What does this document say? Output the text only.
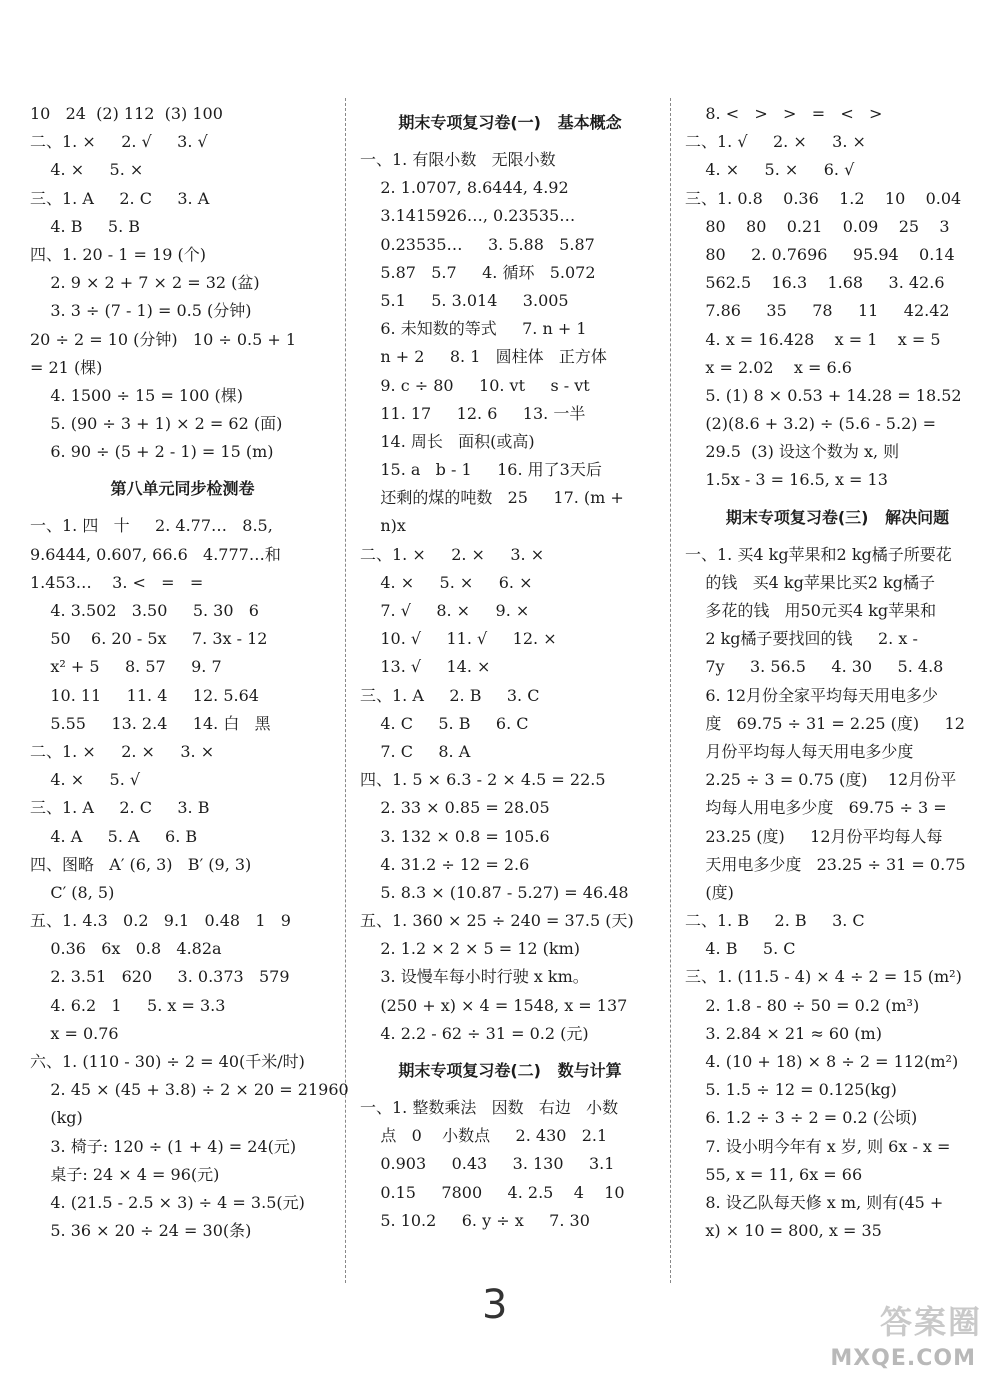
10   24  (2) 112  (3) 100
二、1. ×     2. √     3. √
4. ×     5. ×
三、1. A     2. C     3. A
4. B     5. B
四、1. 20 - 1 = 19 (个)
2. 9 × 2 + 7 × 2 = 32 (盆)
3. 3 ÷ (7 - 1) = 0.5 (分钟)
20 ÷ 2 = 10 (分钟)   10 ÷ 0.5 + 1
= 21 (棵)
4. 1500 ÷ 15 = 100 (棵)
5. (90 ÷ 3 + 1) × 2 = 62 (面)
6. 90 ÷ (5 + 2 - 1) = 15 (m)
第八单元同步检测卷
一、1. 四   十     2. 4.77…   8.5,
9.6444, 0.607, 66.6   4.777…和
1.453…    3. <   =   =
4. 3.502   3.50     5. 30   6
50    6. 20 - 5x     7. 3x - 12
x² + 5     8. 57     9. 7
10. 11     11. 4     12. 5.64
5.55     13. 2.4     14. 白   黑
二、1. ×     2. ×     3. ×
4. ×     5. √
三、1. A     2. C     3. B
4. A     5. A     6. B
四、图略   A′ (6, 3)   B′ (9, 3)
C′ (8, 5)
五、1. 4.3   0.2   9.1   0.48   1   9
0.36   6x   0.8   4.82a
2. 3.51   620     3. 0.373   579
4. 6.2   1     5. x = 3.3
x = 0.76
六、1. (110 - 30) ÷ 2 = 40(千米/时)
2. 45 × (45 + 3.8) ÷ 2 × 20 = 21960
(kg)
3. 椅子: 120 ÷ (1 + 4) = 24(元)
桌子: 24 × 4 = 96(元)
4. (21.5 - 2.5 × 3) ÷ 4 = 3.5(元)
5. 36 × 20 ÷ 24 = 30(条)
期末专项复习卷(一)   基本概念
一、1. 有限小数   无限小数
2. 1.0707, 8.6444, 4.92
3.1415926…, 0.23535…
0.23535…     3. 5.88   5.87
5.87   5.7     4. 循环   5.072
5.1     5. 3.014     3.005
6. 未知数的等式     7. n + 1
n + 2     8. 1   圆柱体   正方体
9. c ÷ 80     10. vt     s - vt
11. 17     12. 6     13. 一半
14. 周长   面积(或高)
15. a   b - 1     16. 用了3天后
还剩的煤的吨数   25     17. (m +
n)x
二、1. ×     2. ×     3. ×
4. ×     5. ×     6. ×
7. √     8. ×     9. ×
10. √     11. √     12. ×
13. √     14. ×
三、1. A     2. B     3. C
4. C     5. B     6. C
7. C     8. A
四、1. 5 × 6.3 - 2 × 4.5 = 22.5
2. 33 × 0.85 = 28.05
3. 132 × 0.8 = 105.6
4. 31.2 ÷ 12 = 2.6
5. 8.3 × (10.87 - 5.27) = 46.48
五、1. 360 × 25 ÷ 240 = 37.5 (天)
2. 1.2 × 2 × 5 = 12 (km)
3. 设慢车每小时行驶 x km。
(250 + x) × 4 = 1548, x = 137
4. 2.2 - 62 ÷ 31 = 0.2 (元)
期末专项复习卷(二)   数与计算
一、1. 整数乘法   因数   右边   小数
点   0    小数点     2. 430   2.1
0.903     0.43     3. 130     3.1
0.15     7800     4. 2.5    4    10
5. 10.2     6. y ÷ x     7. 30
8. <   >   >   =   <   >
二、1. √     2. ×     3. ×
4. ×     5. ×     6. √
三、1. 0.8    0.36    1.2    10    0.04
80    80    0.21    0.09    25    3
80     2. 0.7696     95.94    0.14
562.5    16.3    1.68     3. 42.6
7.86     35     78     11     42.42
4. x = 16.428    x = 1    x = 5
x = 2.02    x = 6.6
5. (1) 8 × 0.53 + 14.28 = 18.52
(2)(8.6 + 3.2) ÷ (5.6 - 5.2) =
29.5  (3) 设这个数为 x, 则
1.5x - 3 = 16.5, x = 13
期末专项复习卷(三)   解决问题
一、1. 买4 kg苹果和2 kg橘子所要花
的钱   买4 kg苹果比买2 kg橘子
多花的钱   用50元买4 kg苹果和
2 kg橘子要找回的钱     2. x -
7y     3. 56.5     4. 30     5. 4.8
6. 12月份全家平均每天用电多少
度   69.75 ÷ 31 = 2.25 (度)     12
月份平均每人每天用电多少度
2.25 ÷ 3 = 0.75 (度)    12月份平
均每人用电多少度   69.75 ÷ 3 =
23.25 (度)     12月份平均每人每
天用电多少度   23.25 ÷ 31 = 0.75
(度)
二、1. B     2. B     3. C
4. B     5. C
三、1. (11.5 - 4) × 4 ÷ 2 = 15 (m²)
2. 1.8 - 80 ÷ 50 = 0.2 (m³)
3. 2.84 × 21 ≈ 60 (m)
4. (10 + 18) × 8 ÷ 2 = 112(m²)
5. 1.5 ÷ 12 = 0.125(kg)
6. 1.2 ÷ 3 ÷ 2 = 0.2 (公顷)
7. 设小明今年有 x 岁, 则 6x - x =
55, x = 11, 6x = 66
8. 设乙队每天修 x m, 则有(45 +
x) × 10 = 800, x = 35
3	答案圈
MXQE.COM
